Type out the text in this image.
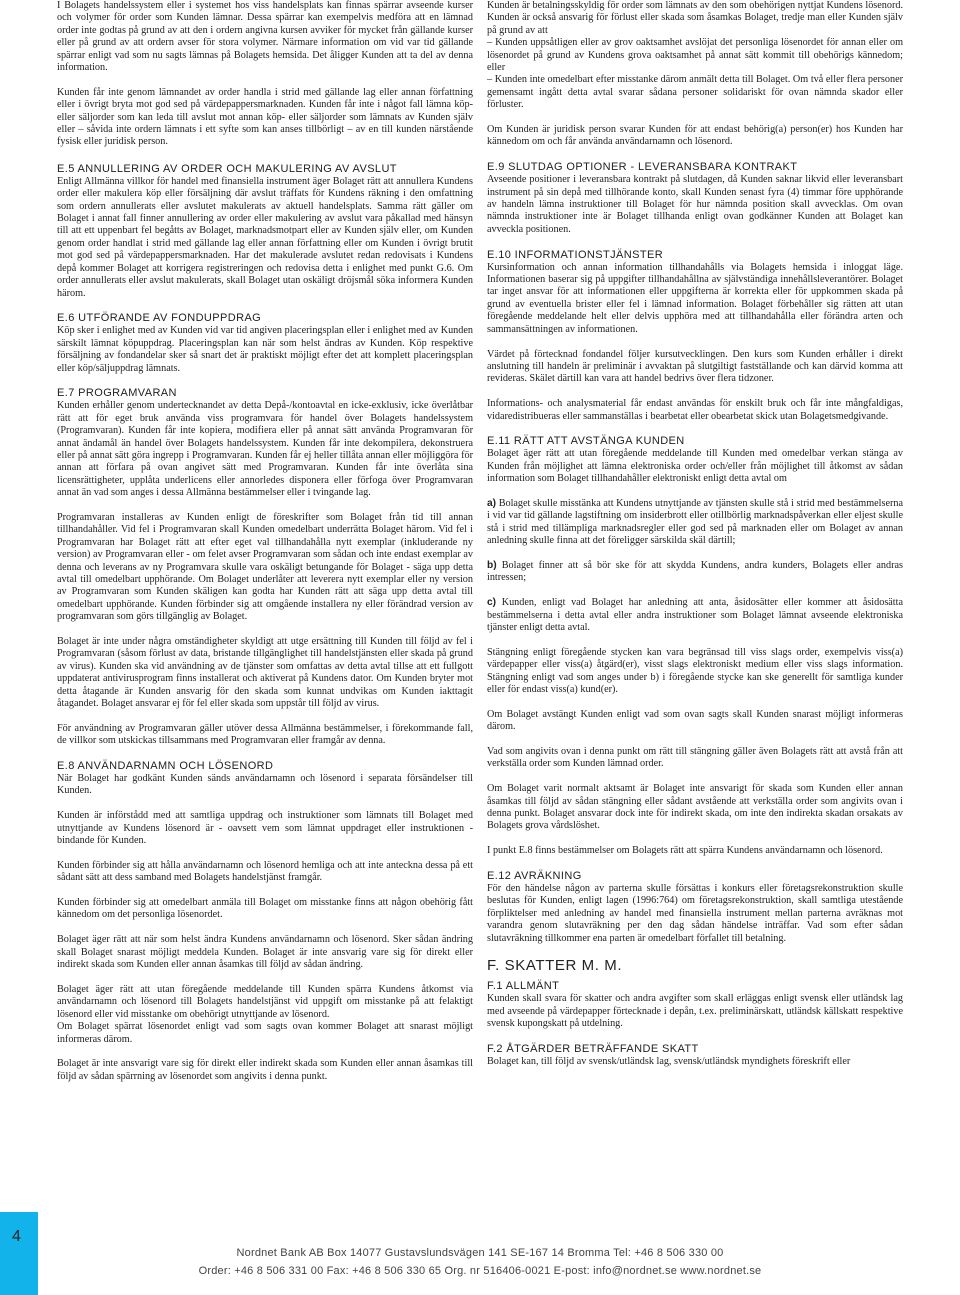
I Bolagets handelssystem eller i systemet hos viss handelsplats kan finnas spärrar avseende kurser och volymer för order som Kunden lämnar. Dessa spärrar kan exempelvis medföra att en lämnad order inte godtas på grund av att den i ordern angivna kursen avviker för mycket från gällande kurser eller på grund av att ordern avser för stora volymer. Närmare information om vid var tid gällande spärrar enligt vad som nu sagts lämnas på Bolagets hemsida. Det åligger Kunden att ta del av denna information.

Kunden får inte genom lämnandet av order handla i strid med gällande lag eller annan författning eller i övrigt bryta mot god sed på värdepappersmarknaden. Kunden får inte i något fall lämna köp- eller säljorder som kan leda till avslut mot annan köp- eller säljorder som lämnats av Kunden själv eller – såvida inte ordern lämnats i ett syfte som kan anses tillbörligt – av en till kunden närstående fysisk eller juridisk person.

E.5 ANNULLERING AV ORDER OCH MAKULERING AV AVSLUT

Enligt Allmänna villkor för handel med finansiella instrument äger Bolaget rätt att annullera Kundens order eller makulera köp eller försäljning där avslut träffats för Kundens räkning i den omfattning som ordern annullerats eller avslutet makulerats av aktuell handelsplats. Samma rätt gäller om Bolaget i annat fall finner annullering av order eller makulering av avslut vara påkallad med hänsyn till att ett uppenbart fel begåtts av Bolaget, marknadsmotpart eller av Kunden själv eller, om Kunden genom order handlat i strid med gällande lag eller annan författning eller om Kunden i övrigt brutit mot god sed på värdepappersmarknaden. Har det makulerade avslutet redan redovisats i Kundens depå kommer Bolaget att korrigera registreringen och redovisa detta i enlighet med punkt G.6. Om order annullerats eller avslut makulerats, skall Bolaget utan oskäligt dröjsmål söka informera Kunden härom.

E.6 UTFÖRANDE AV FONDUPPDRAG

Köp sker i enlighet med av Kunden vid var tid angiven placeringsplan eller i enlighet med av Kunden särskilt lämnat köpuppdrag. Placeringsplan kan när som helst ändras av Kunden. Köp respektive försäljning av fondandelar sker så snart det är praktiskt möjligt efter det att komplett placeringsplan eller köp/säljuppdrag lämnats.

E.7 PROGRAMVARAN

Kunden erhåller genom undertecknandet av detta Depå-/kontoavtal en icke-exklusiv, icke överlåtbar rätt att för eget bruk använda viss programvara för handel över Bolagets handelssystem (Programvaran). Kunden får inte kopiera, modifiera eller på annat sätt använda Programvaran för annat ändamål än handel över Bolagets handelssystem. Kunden får inte dekompilera, dekonstruera eller på annat sätt göra ingrepp i Programvaran. Kunden får ej heller tillåta annan eller möjliggöra för annan att förfara på ovan angivet sätt med Programvaran. Kunden får inte överlåta sina licensrättigheter, upplåta underlicens eller annorledes disponera eller förfoga över Programvaran annat än vad som anges i dessa Allmänna bestämmelser eller i tvingande lag.

Programvaran installeras av Kunden enligt de föreskrifter som Bolaget från tid till annan tillhandahåller. Vid fel i Programvaran skall Kunden omedelbart underrätta Bolaget härom. Vid fel i Programvaran har Bolaget rätt att efter eget val tillhandahålla nytt exemplar (inkluderande ny version) av Programvaran eller - om felet avser Programvaran som sådan och inte endast exemplar av denna och leverans av ny Programvara skulle vara oskäligt betungande för Bolaget - säga upp detta avtal till omedelbart upphörande. Om Bolaget underlåter att leverera nytt exemplar eller ny version av Programvaran som Kunden skäligen kan godta har Kunden rätt att säga upp detta avtal till omedelbart upphörande. Kunden förbinder sig att omgående installera ny eller förändrad version av programvaran som görs tillgänglig av Bolaget.

Bolaget är inte under några omständigheter skyldigt att utge ersättning till Kunden till följd av fel i Programvaran (såsom förlust av data, bristande tillgänglighet till handelstjänsten eller skada på grund av virus). Kunden ska vid användning av de tjänster som omfattas av detta avtal tillse att ett fullgott uppdaterat antivirusprogram finns installerat och aktiverat på Kundens dator. Om Kunden bryter mot detta åtagande är Kunden ansvarig för den skada som kunnat undvikas om Kunden iakttagit åtagandet. Bolaget ansvarar ej för fel eller skada som uppstår till följd av virus.

För användning av Programvaran gäller utöver dessa Allmänna bestämmelser, i förekommande fall, de villkor som utskickas tillsammans med Programvaran eller framgår av denna.

E.8 ANVÄNDARNAMN OCH LÖSENORD

När Bolaget har godkänt Kunden sänds användarnamn och lösenord i separata försändelser till Kunden.

Kunden är införstådd med att samtliga uppdrag och instruktioner som lämnats till Bolaget med utnyttjande av Kundens lösenord är - oavsett vem som lämnat uppdraget eller instruktionen - bindande för Kunden.

Kunden förbinder sig att hålla användarnamn och lösenord hemliga och att inte anteckna dessa på ett sådant sätt att dess samband med Bolagets handelstjänst framgår.

Kunden förbinder sig att omedelbart anmäla till Bolaget om misstanke finns att någon obehörig fått kännedom om det personliga lösenordet.

Bolaget äger rätt att när som helst ändra Kundens användarnamn och lösenord. Sker sådan ändring skall Bolaget snarast möjligt meddela Kunden. Bolaget är inte ansvarig vare sig för direkt eller indirekt skada som Kunden eller annan åsamkas till följd av sådan ändring.

Bolaget äger rätt att utan föregående meddelande till Kunden spärra Kundens åtkomst via användarnamn och lösenord till Bolagets handelstjänst vid uppgift om misstanke på att felaktigt lösenord eller vid misstanke om obehörigt utnyttjande av lösenord.

Om Bolaget spärrat lösenordet enligt vad som sagts ovan kommer Bolaget att snarast möjligt informeras därom.

Bolaget är inte ansvarigt vare sig för direkt eller indirekt skada som Kunden eller annan åsamkas till följd av sådan spärrning av lösenordet som angivits i denna punkt.

Kunden är betalningsskyldig för order som lämnats av den som obehörigen nyttjat Kundens lösenord. Kunden är också ansvarig för förlust eller skada som åsamkas Bolaget, tredje man eller Kunden själv på grund av att

– Kunden uppsåtligen eller av grov oaktsamhet avslöjat det personliga lösenordet för annan eller om lösenordet på grund av Kundens grova oaktsamhet på annat sätt kommit till obehörigs kännedom; eller

– Kunden inte omedelbart efter misstanke därom anmält detta till Bolaget. Om två eller flera personer gemensamt ingått detta avtal svarar sådana personer solidariskt för ovan nämnda skador eller förluster.

Om Kunden är juridisk person svarar Kunden för att endast behörig(a) person(er) hos Kunden har kännedom om och får använda användarnamn och lösenord.

E.9 SLUTDAG OPTIONER - LEVERANSBARA KONTRAKT

Avseende positioner i leveransbara kontrakt på slutdagen, då Kunden saknar likvid eller leveransbart instrument på sin depå med tillhörande konto, skall Kunden senast fyra (4) timmar före upphörande av handeln lämna instruktioner till Bolaget för hur nämnda position skall avvecklas. Om ovan nämnda instruktioner inte är Bolaget tillhanda enligt ovan godkänner Kunden att Bolaget kan avveckla positionen.

E.10 INFORMATIONSTJÄNSTER

Kursinformation och annan information tillhandahålls via Bolagets hemsida i inloggat läge. Informationen baserar sig på uppgifter tillhandahållna av självständiga innehållsleverantörer. Bolaget tar inget ansvar för att informationen eller uppgifterna är korrekta eller för uppkommen skada på grund av eventuella brister eller fel i lämnad information. Bolaget förbehåller sig rätten att utan föregående meddelande helt eller delvis upphöra med att tillhandahålla eller förändra arten och sammansättningen av informationen.

Värdet på förtecknad fondandel följer kursutvecklingen. Den kurs som Kunden erhåller i direkt anslutning till handeln är preliminär i avvaktan på slutgiltigt fastställande och kan därvid komma att revideras. Skälet därtill kan vara att handel bedrivs över flera tidzoner.

Informations- och analysmaterial får endast användas för enskilt bruk och får inte mångfaldigas, vidaredistribueras eller sammanställas i bearbetat eller obearbetat skick utan Bolagetsmedgivande.

E.11 RÄTT ATT AVSTÄNGA KUNDEN

Bolaget äger rätt att utan föregående meddelande till Kunden med omedelbar verkan stänga av Kunden från möjlighet att lämna elektroniska order och/eller från möjlighet till åtkomst av sådan information som Bolaget tillhandahåller elektroniskt enligt detta avtal om

a) Bolaget skulle misstänka att Kundens utnyttjande av tjänsten skulle stå i strid med bestämmelserna i vid var tid gällande lagstiftning om insiderbrott eller otillbörlig marknadspåverkan eller eljest skulle stå i strid med tillämpliga marknadsregler eller god sed på marknaden eller om Bolaget av annan anledning skulle finna att det föreligger särskilda skäl därtill;

b) Bolaget finner att så bör ske för att skydda Kundens, andra kunders, Bolagets eller andras intressen;

c) Kunden, enligt vad Bolaget har anledning att anta, åsidosätter eller kommer att åsidosätta bestämmelserna i detta avtal eller andra instruktioner som Bolaget lämnat avseende elektroniska tjänster enligt detta avtal.

Stängning enligt föregående stycken kan vara begränsad till viss slags order, exempelvis viss(a) värdepapper eller viss(a) åtgärd(er), visst slags elektroniskt medium eller viss slags information. Stängning enligt vad som anges under b) i föregående stycke kan ske generellt för samtliga kunder eller för endast viss(a) kund(er).

Om Bolaget avstängt Kunden enligt vad som ovan sagts skall Kunden snarast möjligt informeras därom.

Vad som angivits ovan i denna punkt om rätt till stängning gäller även Bolagets rätt att avstå från att verkställa order som Kunden lämnad order.

Om Bolaget varit normalt aktsamt är Bolaget inte ansvarigt för skada som Kunden eller annan åsamkas till följd av sådan stängning eller sådant avstående att verkställa order som angivits ovan i denna punkt. Bolaget ansvarar dock inte för indirekt skada, om inte den indirekta skadan orsakats av Bolagets grova vårdslöshet.

I punkt E.8 finns bestämmelser om Bolagets rätt att spärra Kundens användarnamn och lösenord.

E.12 AVRÄKNING

För den händelse någon av parterna skulle försättas i konkurs eller företagsrekonstruktion skulle beslutas för Kunden, enligt lagen (1996:764) om företagsrekonstruktion, skall samtliga utestående förpliktelser med anledning av handel med finansiella instrument mellan parterna avräknas mot varandra genom slutavräkning per den dag sådan händelse inträffar. Vad som efter sådan slutavräkning tillkommer ena parten är omedelbart förfallet till betalning.

F. SKATTER M. M.
F.1 ALLMÄNT

Kunden skall svara för skatter och andra avgifter som skall erläggas enligt svensk eller utländsk lag med avseende på värdepapper förtecknade i depån, t.ex. preliminärskatt, utländsk källskatt respektive svensk kupongskatt på utdelning.

F.2 ÅTGÄRDER BETRÄFFANDE SKATT

Bolaget kan, till följd av svensk/utländsk lag, svensk/utländsk myndighets föreskrift eller

4
Nordnet Bank AB Box 14077 Gustavslundsvägen 141 SE-167 14 Bromma Tel: +46 8 506 330 00
Order: +46 8 506 331 00 Fax: +46 8 506 330 65 Org. nr 516406-0021 E-post: info@nordnet.se www.nordnet.se
